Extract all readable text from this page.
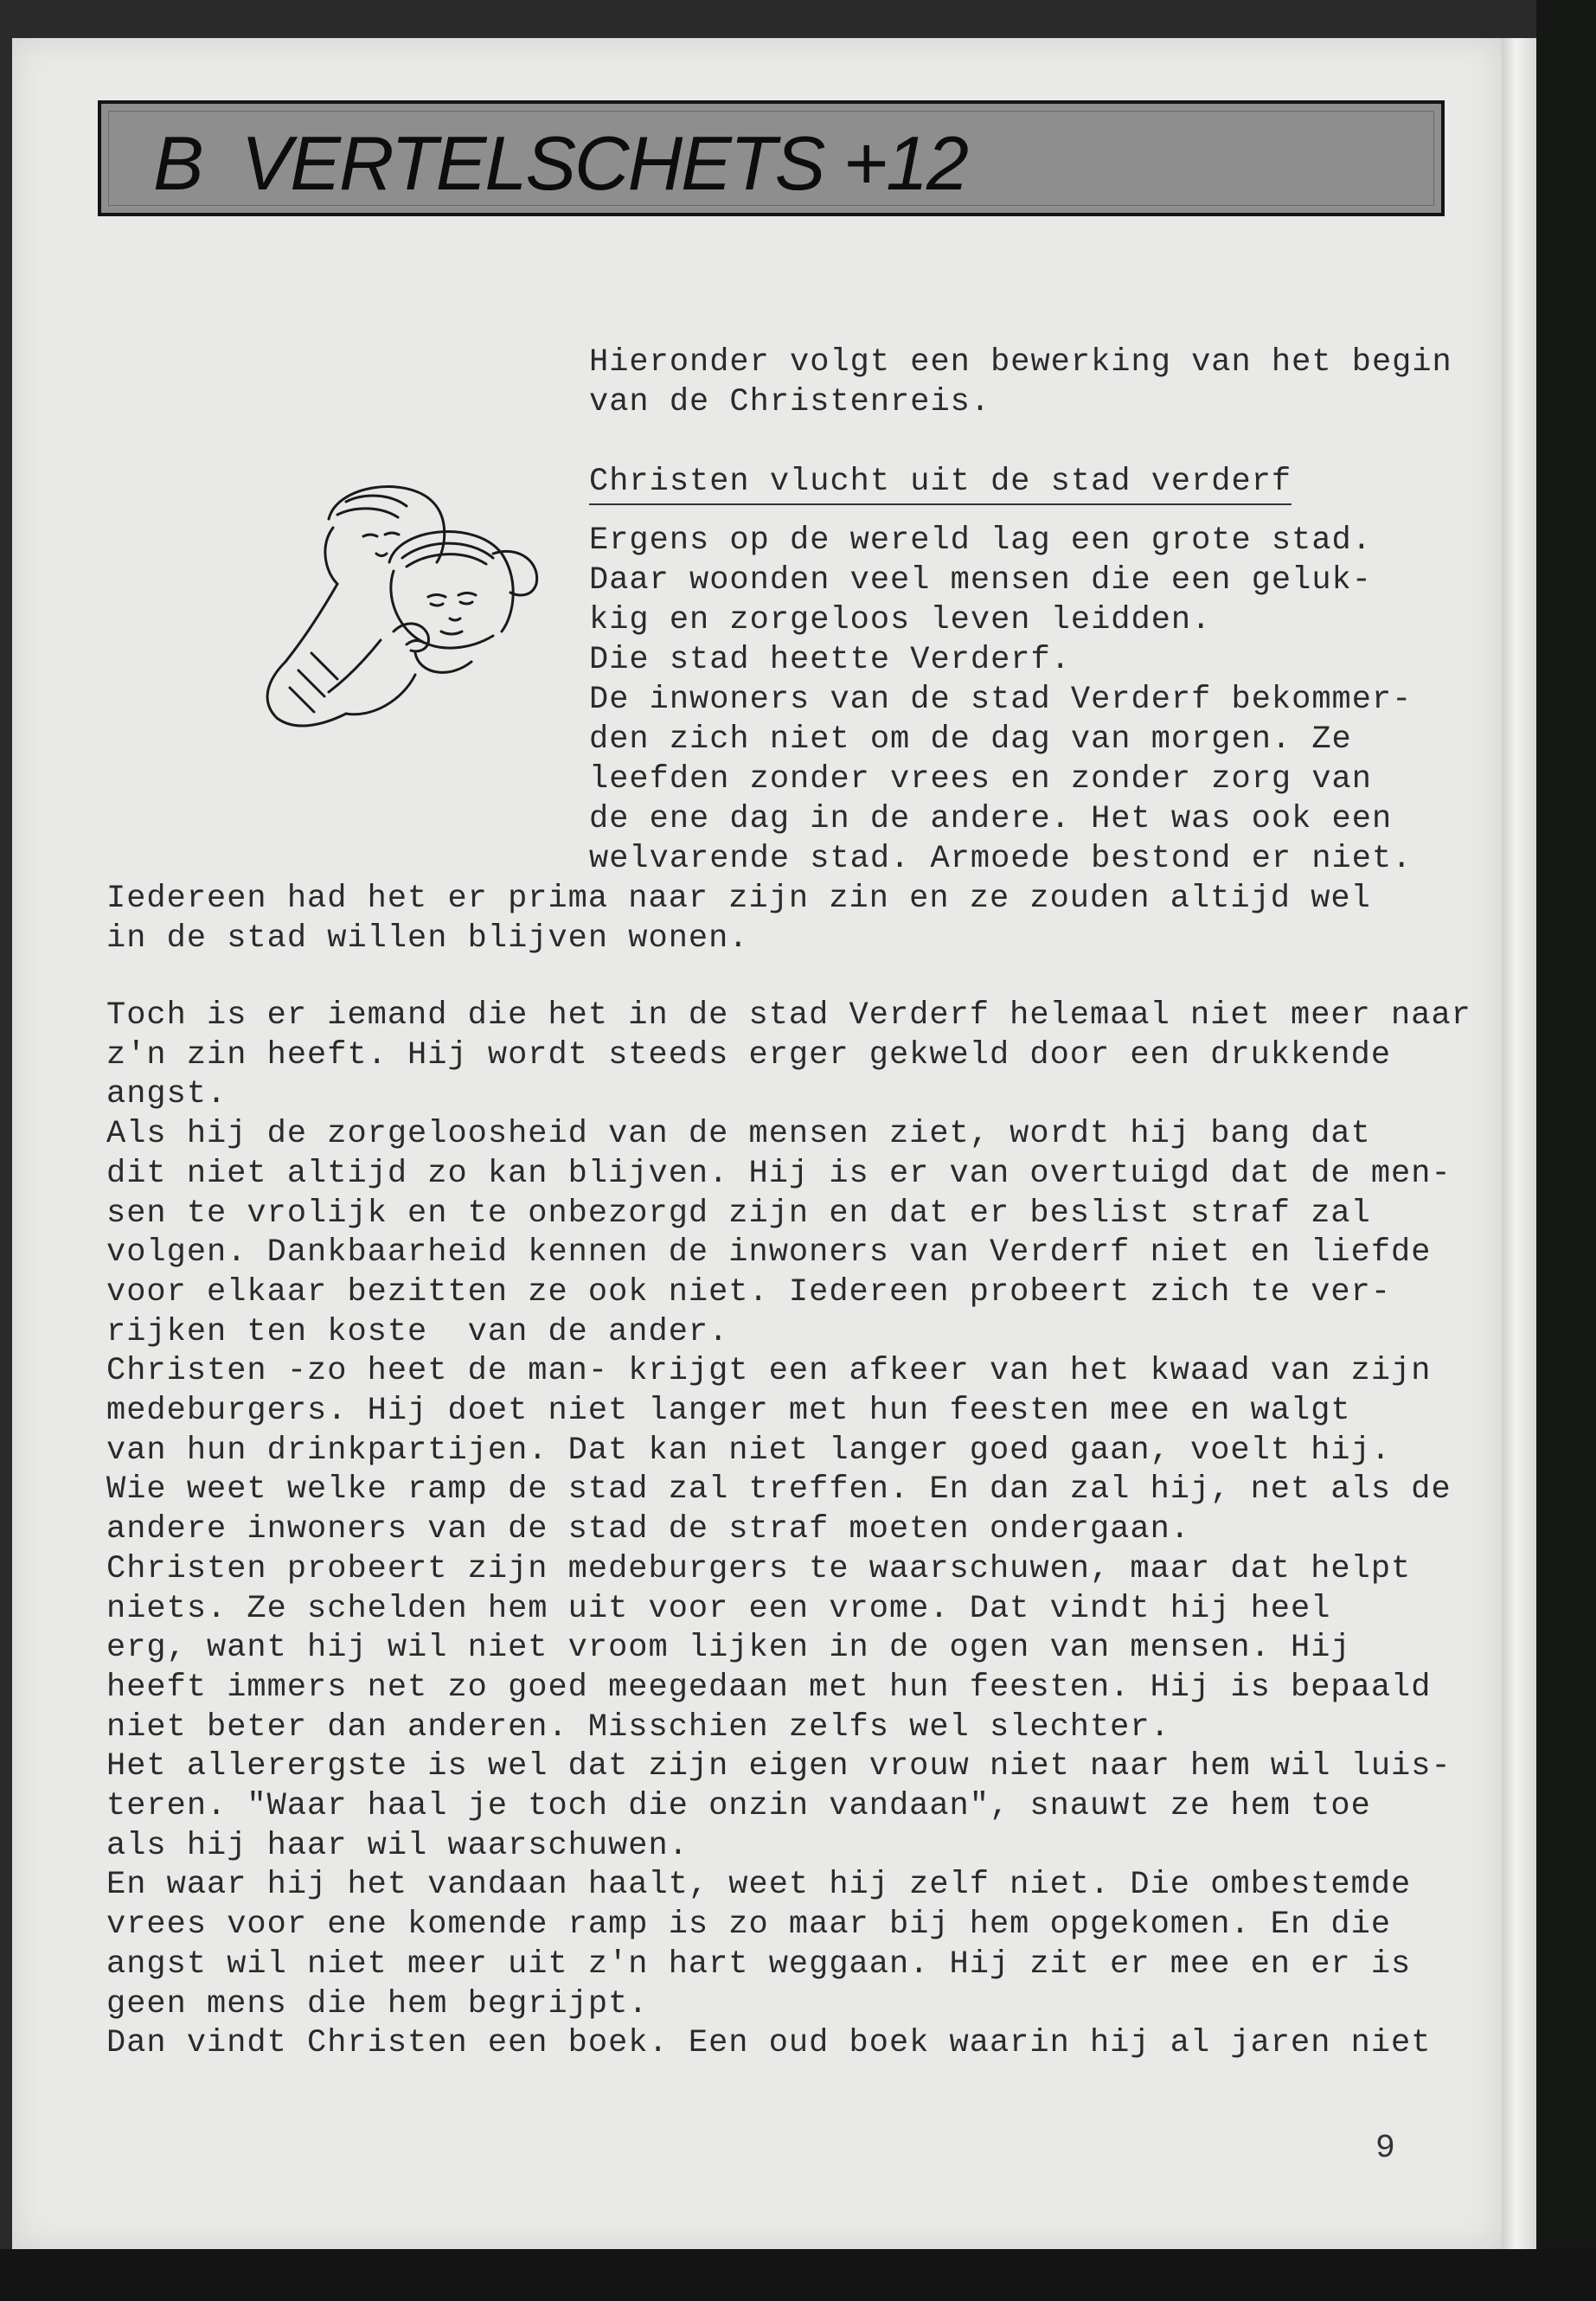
B  VERTELSCHETS +12

Hieronder volgt een bewerking van het begin
van de Christenreis.

Christen vlucht uit de stad verderf

Ergens op de wereld lag een grote stad.
Daar woonden veel mensen die een geluk-
kig en zorgeloos leven leidden.
Die stad heette Verderf.
De inwoners van de stad Verderf bekommer-
den zich niet om de dag van morgen. Ze
leefden zonder vrees en zonder zorg van
de ene dag in de andere. Het was ook een
welvarende stad. Armoede bestond er niet.

Iedereen had het er prima naar zijn zin en ze zouden altijd wel
in de stad willen blijven wonen.

Toch is er iemand die het in de stad Verderf helemaal niet meer naar
z'n zin heeft. Hij wordt steeds erger gekweld door een drukkende
angst.
Als hij de zorgeloosheid van de mensen ziet, wordt hij bang dat
dit niet altijd zo kan blijven. Hij is er van overtuigd dat de men-
sen te vrolijk en te onbezorgd zijn en dat er beslist straf zal
volgen. Dankbaarheid kennen de inwoners van Verderf niet en liefde
voor elkaar bezitten ze ook niet. Iedereen probeert zich te ver-
rijken ten koste  van de ander.
Christen -zo heet de man- krijgt een afkeer van het kwaad van zijn
medeburgers. Hij doet niet langer met hun feesten mee en walgt
van hun drinkpartijen. Dat kan niet langer goed gaan, voelt hij.
Wie weet welke ramp de stad zal treffen. En dan zal hij, net als de
andere inwoners van de stad de straf moeten ondergaan.
Christen probeert zijn medeburgers te waarschuwen, maar dat helpt
niets. Ze schelden hem uit voor een vrome. Dat vindt hij heel
erg, want hij wil niet vroom lijken in de ogen van mensen. Hij
heeft immers net zo goed meegedaan met hun feesten. Hij is bepaald
niet beter dan anderen. Misschien zelfs wel slechter.
Het allerergste is wel dat zijn eigen vrouw niet naar hem wil luis-
teren. "Waar haal je toch die onzin vandaan", snauwt ze hem toe
als hij haar wil waarschuwen.
En waar hij het vandaan haalt, weet hij zelf niet. Die ombestemde
vrees voor ene komende ramp is zo maar bij hem opgekomen. En die
angst wil niet meer uit z'n hart weggaan. Hij zit er mee en er is
geen mens die hem begrijpt.
Dan vindt Christen een boek. Een oud boek waarin hij al jaren niet

9
